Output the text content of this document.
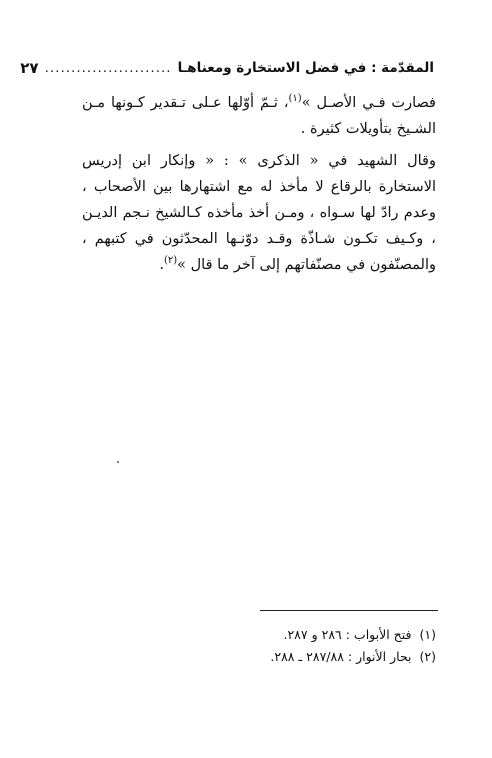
المقدّمة : في فضل الاستخارة ومعناهـا
........................
٢٧

فصارت فـي الأصـل »$^{(١)}$، ثـمّ أوّلها عـلى تـقدير كـونها مـن الشـيخ بتأويلات كثيرة .

وقال الشهيد في « الذكرى » : « وإنكار ابن إدريس الاستخارة بالرقاع لا مأخذ له مع اشتهارها بين الأصحاب ، وعدم رادّ لها سـواه ، ومـن أخذ مأخذه كـالشيخ نـجم الديـن ، وكـيف تكـون شـاذّة وقـد دوّنـها المحدّثون في كتبهم ، والمصنّفون في مصنّفاتهم إلى آخر ما قال »$^{(٢)}$.

(١)فتح الأبواب : ٢٨٦ و ٢٨٧.
(٢)بحار الأنوار : ٢٨٧/٨٨ ـ ٢٨٨.
